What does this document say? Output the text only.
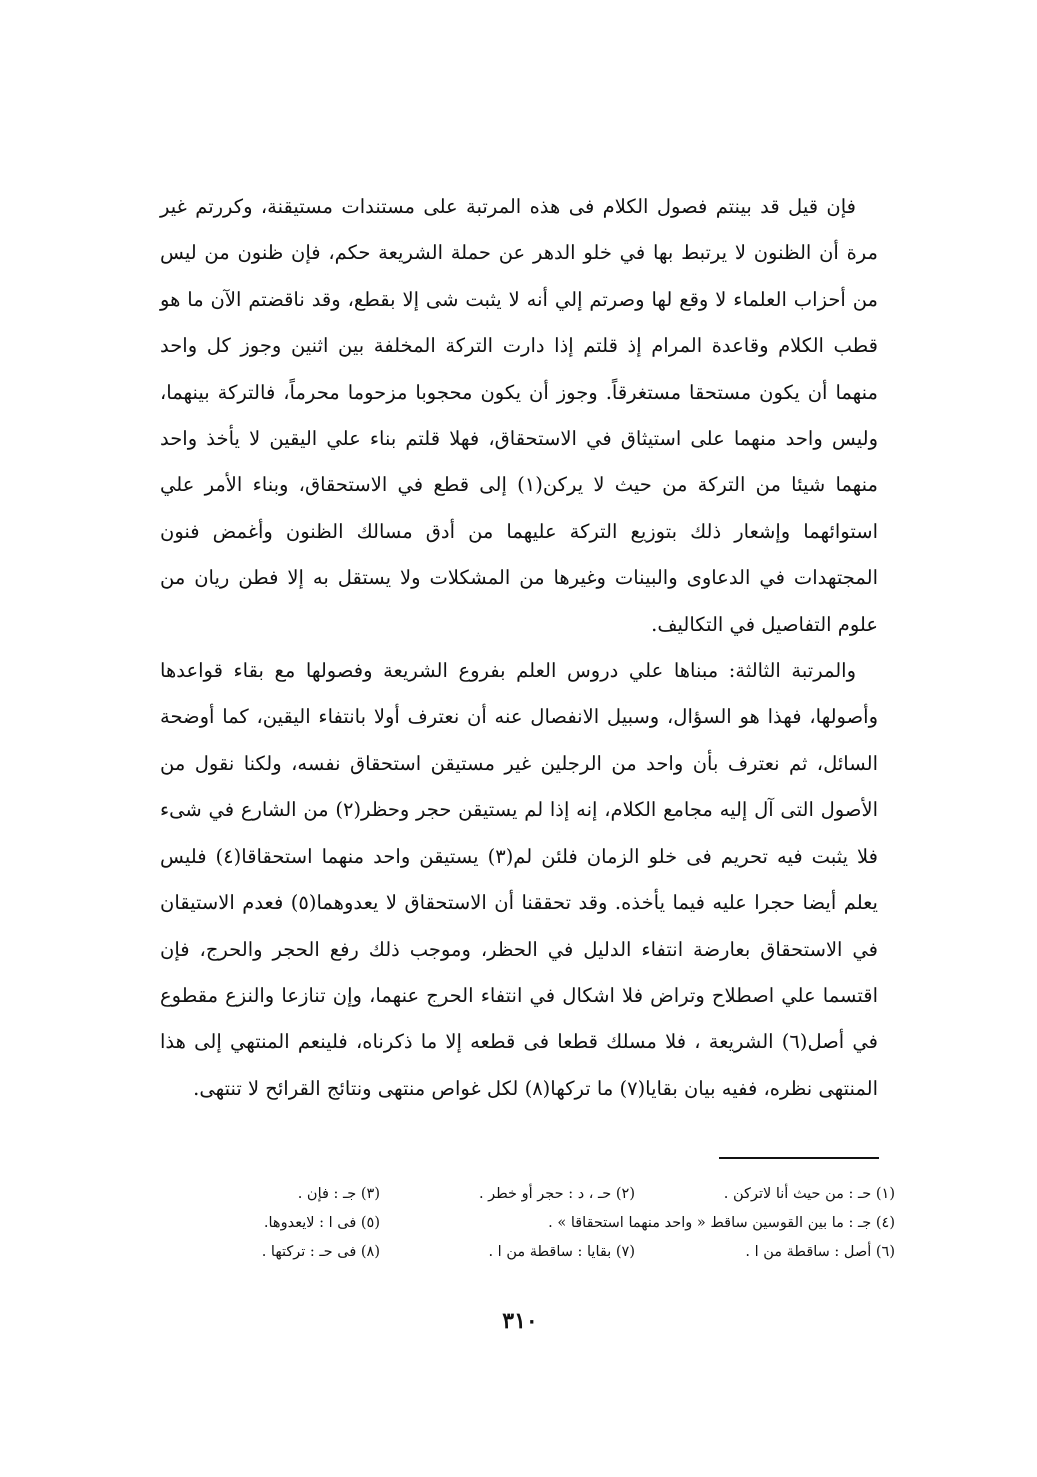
فإن قيل قد بينتم فصول الكلام فى هذه المرتبة على مستندات مستيقنة، وكررتم غير مرة أن الظنون لا يرتبط بها في خلو الدهر عن حملة الشريعة حكم، فإن ظنون من ليس من أحزاب العلماء لا وقع لها وصرتم إلي أنه لا يثبت شى إلا بقطع، وقد ناقضتم الآن ما هو قطب الكلام وقاعدة المرام إذ قلتم إذا دارت التركة المخلفة بين اثنين وجوز كل واحد منهما أن يكون مستحقا مستغرقاً. وجوز أن يكون محجوبا مزحوما محرماً، فالتركة بينهما، وليس واحد منهما على استيثاق في الاستحقاق، فهلا قلتم بناء علي اليقين لا يأخذ واحد منهما شيئا من التركة من حيث لا يركن(١) إلى قطع في الاستحقاق، وبناء الأمر علي استوائهما وإشعار ذلك بتوزيع التركة عليهما من أدق مسالك الظنون وأغمض فنون المجتهدات في الدعاوى والبينات وغيرها من المشكلات ولا يستقل به إلا فطن ريان من علوم التفاصيل في التكاليف.

والمرتبة الثالثة: مبناها علي دروس العلم بفروع الشريعة وفصولها مع بقاء قواعدها وأصولها، فهذا هو السؤال، وسبيل الانفصال عنه أن نعترف أولا بانتفاء اليقين، كما أوضحة السائل، ثم نعترف بأن واحد من الرجلين غير مستيقن استحقاق نفسه، ولكنا نقول من الأصول التى آل إليه مجامع الكلام، إنه إذا لم يستيقن حجر وحظر(٢) من الشارع في شىء فلا يثبت فيه تحريم فى خلو الزمان فلئن لم(٣) يستيقن واحد منهما استحقاقا(٤) فليس يعلم أيضا حجرا عليه فيما يأخذه. وقد تحققنا أن الاستحقاق لا يعدوهما(٥) فعدم الاستيقان في الاستحقاق بعارضة انتفاء الدليل في الحظر، وموجب ذلك رفع الحجر والحرج، فإن اقتسما علي اصطلاح وتراض فلا اشكال في انتفاء الحرج عنهما، وإن تنازعا والنزع مقطوع في أصل(٦) الشريعة ، فلا مسلك قطعا فى قطعه إلا ما ذكرناه، فلينعم المنتهي إلى هذا المنتهى نظره، ففيه بيان بقايا(٧) ما تركها(٨) لكل غواص منتهى ونتائج القرائح لا تنتهى.

(١) حـ : من حيث أنا لاتركن .
(٢) حـ ، د : حجر أو خطر .
(٣) جـ : فإن .
(٤) جـ : ما بين القوسين ساقط « واحد منهما استحقاقا » .
(٥) فى ا : لايعدوها.
(٦) أصل : ساقطة من ا .
(٧) بقايا : ساقطة من ا .
(٨) فى حـ : تركتها .
٣١٠
